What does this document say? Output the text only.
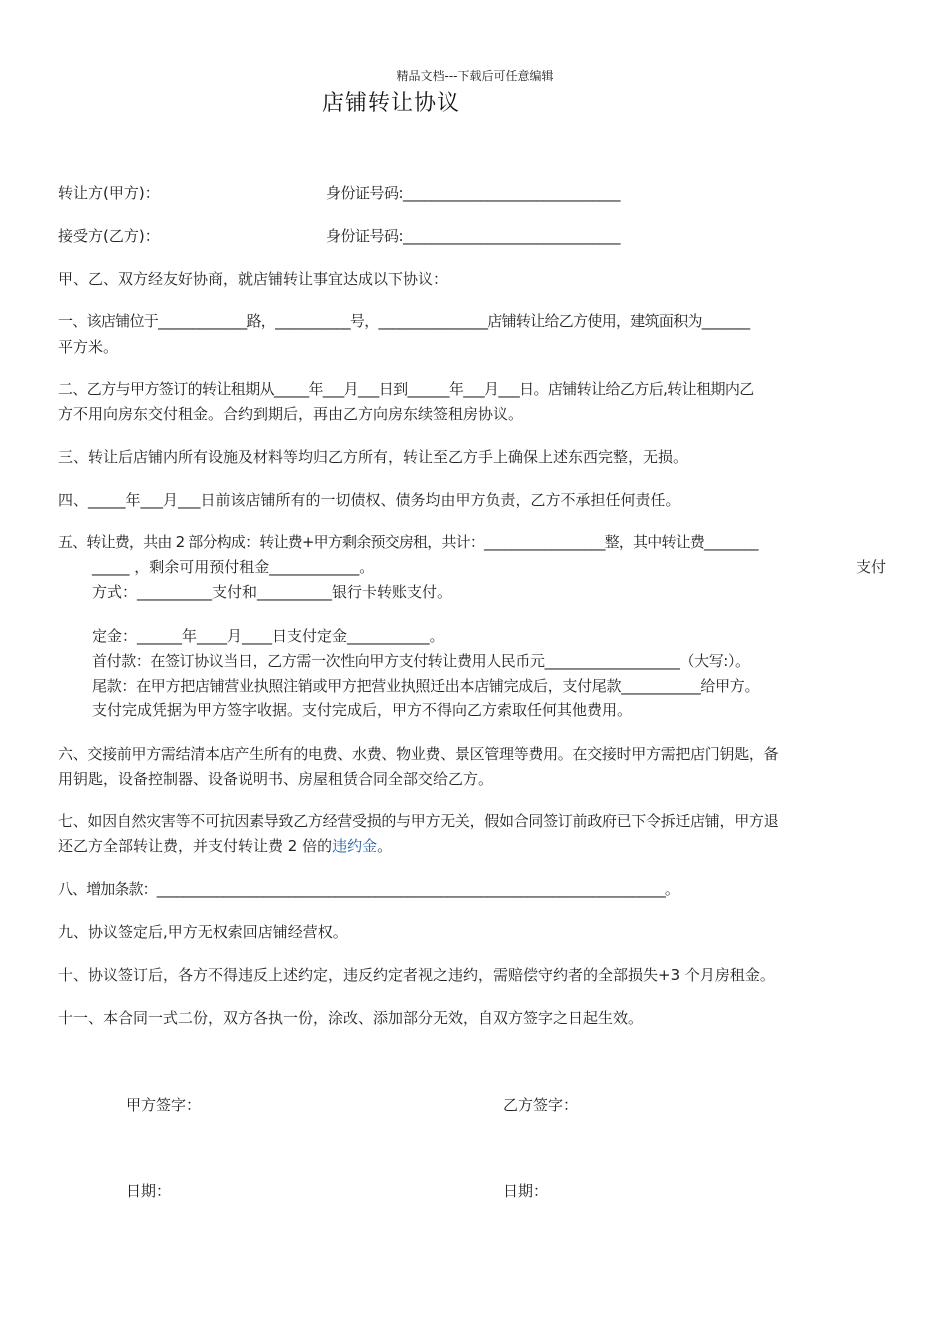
精品文档---下载后可任意编辑
店铺转让协议
转让方(甲方)：	身份证号码:_______________________________
接受方(乙方)：	身份证号码:_______________________________
甲、乙、双方经友好协商，就店铺转让事宜达成以下协议：
一、该店铺位于_____________路，___________号，________________店铺转让给乙方使用，建筑面积为_______
平方米。
二、乙方与甲方签订的转让租期从_____年___月___日到______年___月___日。店铺转让给乙方后,转让租期内乙
方不用向房东交付租金。合约到期后，再由乙方向房东续签租房协议。
三、转让后店铺内所有设施及材料等均归乙方所有，转让至乙方手上确保上述东西完整，无损。
四、_____年___月___日前该店铺所有的一切债权、债务均由甲方负责，乙方不承担任何责任。
五、转让费，共由 2 部分构成：转让费+甲方剩余预交房租，共计：__________________整，其中转让费________
_____ ，剩余可用预付租金____________。	支付
方式：__________支付和__________银行卡转账支付。
定金：______年____月____日支付定金___________。
首付款：在签订协议当日，乙方需一次性向甲方支付转让费用人民币元___________________（大写:）。
尾款：在甲方把店铺营业执照注销或甲方把营业执照迁出本店铺完成后，支付尾款___________给甲方。
支付完成凭据为甲方签字收据。支付完成后，甲方不得向乙方索取任何其他费用。
六、交接前甲方需结清本店产生所有的电费、水费、物业费、景区管理等费用。在交接时甲方需把店门钥匙，备
用钥匙，设备控制器、设备说明书、房屋租赁合同全部交给乙方。
七、如因自然灾害等不可抗因素导致乙方经营受损的与甲方无关，假如合同签订前政府已下令拆迁店铺，甲方退
还乙方全部转让费，并支付转让费 2 倍的违约金。
八、增加条款：_____________________________________________________________________________。
九、协议签定后,甲方无权索回店铺经营权。
十、协议签订后，各方不得违反上述约定，违反约定者视之违约，需赔偿守约者的全部损失+3 个月房租金。
十一、本合同一式二份，双方各执一份，涂改、添加部分无效，自双方签字之日起生效。
甲方签字：	乙方签字：
日期：	日期：
